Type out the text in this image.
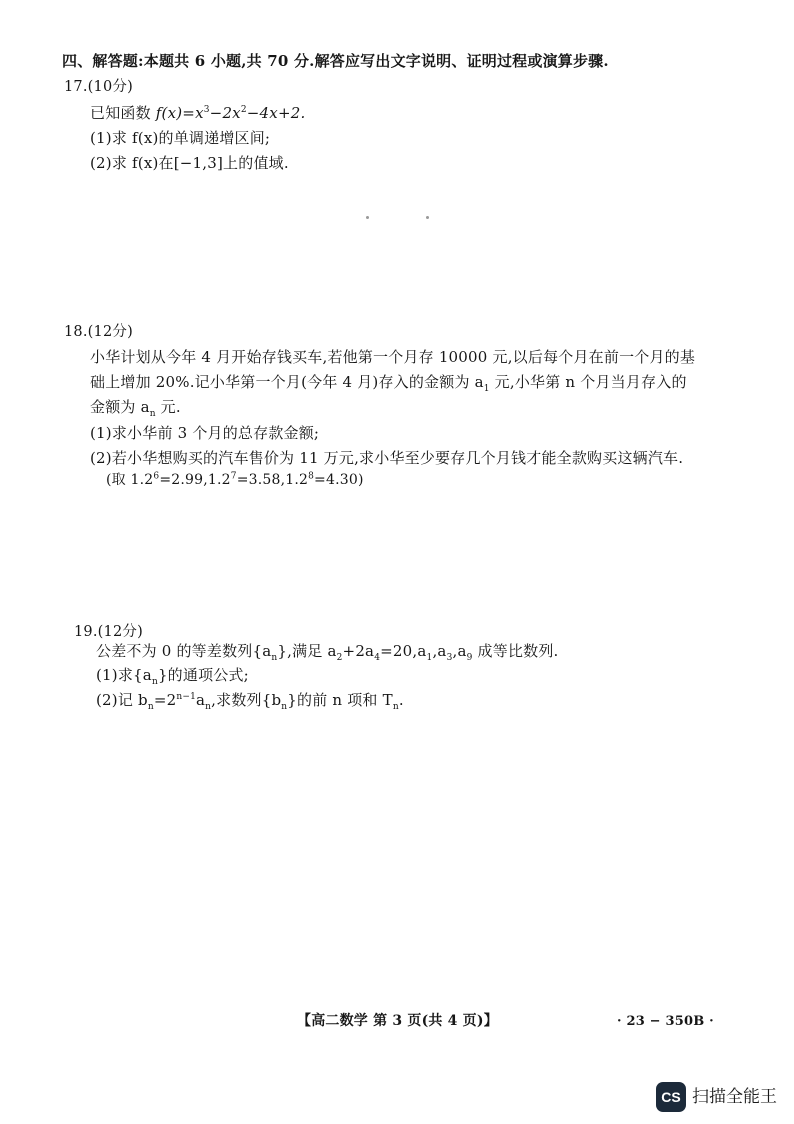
四、解答题:本题共 6 小题,共 70 分.解答应写出文字说明、证明过程或演算步骤.
17.(10分)
已知函数 $f(x)=x^3-2x^2-4x+2$.
(1)求 f(x)的单调递增区间;
(2)求 f(x)在[−1,3]上的值域.
18.(12分)
小华计划从今年 4 月开始存钱买车,若他第一个月存 10000 元,以后每个月在前一个月的基
础上增加 20%.记小华第一个月(今年 4 月)存入的金额为 $a_1$ 元,小华第 n 个月当月存入的
金额为 $a_n$ 元.
(1)求小华前 3 个月的总存款金额;
(2)若小华想购买的汽车售价为 11 万元,求小华至少要存几个月钱才能全款购买这辆汽车.
(取 $1.2^6=2.99,1.2^7=3.58,1.2^8=4.30$)
19.(12分)
公差不为 0 的等差数列$\{a_n\}$,满足 $a_2+2a_4=20,a_1,a_3,a_9$ 成等比数列.
(1)求$\{a_n\}$的通项公式;
(2)记 $b_n=2^{n-1}a_n$,求数列$\{b_n\}$的前 n 项和 $T_n$.
【高二数学 第 3 页(共 4 页)】	· 23 − 350B ·
CS 扫描全能王
